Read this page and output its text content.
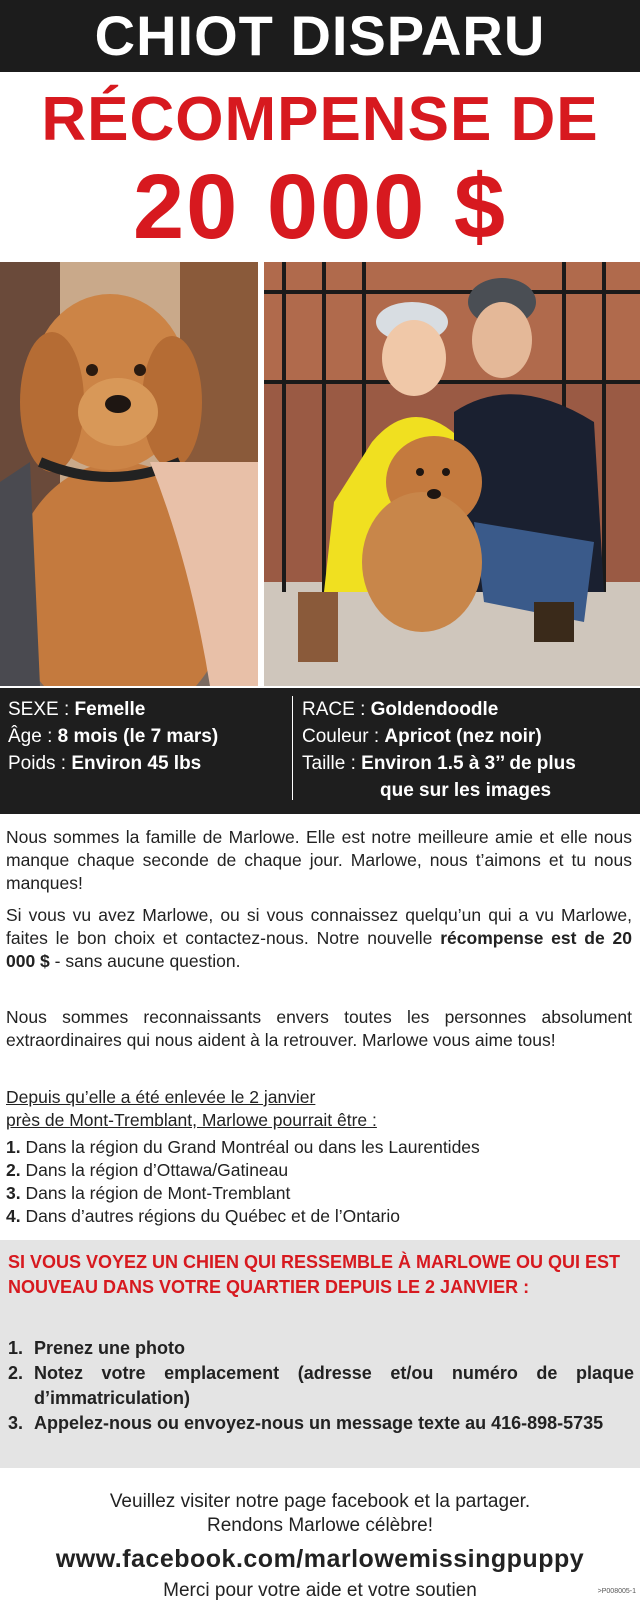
CHIOT DISPARU
RÉCOMPENSE DE
20 000 $
SEXE : Femelle
Âge : 8 mois (le 7 mars)
Poids : Environ 45 lbs
RACE : Goldendoodle
Couleur : Apricot (nez noir)
Taille : Environ 1.5 à 3’’ de plus
que sur les images
Nous sommes la famille de Marlowe. Elle est notre meilleure amie et elle nous manque chaque seconde de chaque jour. Marlowe, nous t’aimons et tu nous manques!
Si vous vu avez Marlowe, ou si vous connaissez quelqu’un qui a vu Marlowe, faites le bon choix et contactez-nous. Notre nouvelle récompense est de 20 000 $ - sans aucune question.
Nous sommes reconnaissants envers toutes les personnes absolument extraordinaires qui nous aident à la retrouver. Marlowe vous aime tous!
Depuis qu’elle a été enlevée le 2 janvier
près de Mont-Tremblant, Marlowe pourrait être :
1. Dans la région du Grand Montréal ou dans les Laurentides
2. Dans la région d’Ottawa/Gatineau
3. Dans la région de Mont-Tremblant
4. Dans d’autres régions du Québec et de l’Ontario
SI VOUS VOYEZ UN CHIEN QUI RESSEMBLE À MARLOWE OU QUI EST NOUVEAU DANS VOTRE QUARTIER DEPUIS LE 2 JANVIER :
1. Prenez une photo
2. Notez votre emplacement (adresse et/ou numéro de plaque d’immatriculation)
3. Appelez-nous ou envoyez-nous un message texte au 416-898-5735
Veuillez visiter notre page facebook et la partager.
Rendons Marlowe célèbre!
www.facebook.com/marlowemissingpuppy
Merci pour votre aide et votre soutien	>P008005-1
